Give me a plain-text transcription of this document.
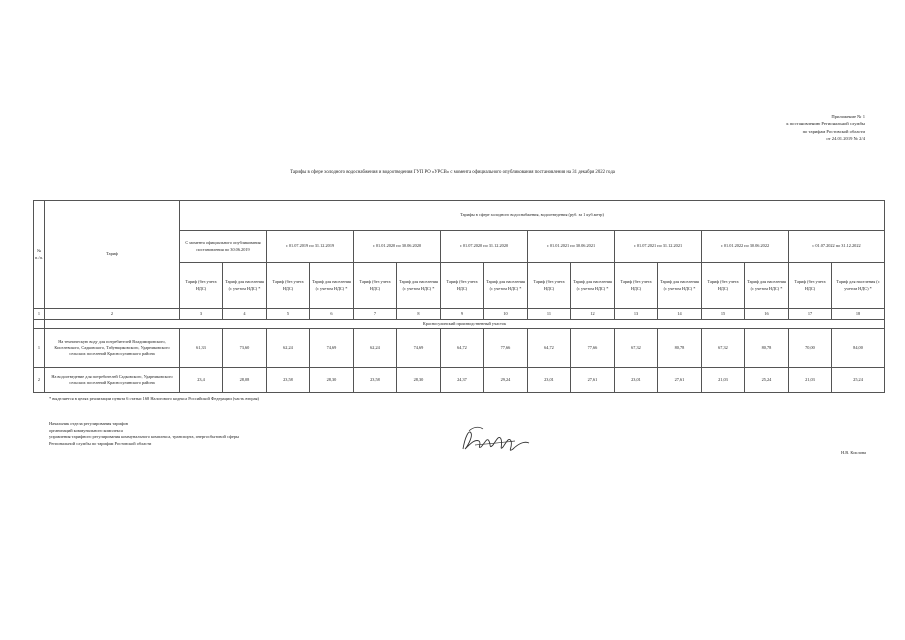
Приложение № 1
к постановлению Региональной службы
по тарифам Ростовской области
от 24.01.2019 № 2/4
Тарифы в сфере холодного водоснабжения и водоотведения ГУП РО «УРСВ» с момента официального опубликования постановления на 31 декабря 2022 года
№ п./п.	Тариф	Тарифы в сфере холодного водоснабжения, водоотведения (руб. за 1 куб.метр)															
		С момента официального опубликования постановления по 30.06.2019		с 01.07.2019 по 31.12.2019		с 01.01.2020 по 30.06.2020		с 01.07.2020 по 31.12.2020		с 01.01.2021 по 30.06.2021		с 01.07.2021 по 31.12.2021		с 01.01.2022 по 30.06.2022		с 01.07.2022 по 31.12.2022	
		Тариф (без учета НДС)	Тариф для населения (с учетом НДС) *	Тариф (без учета НДС)	Тариф для населения (с учетом НДС) *	Тариф (без учета НДС)	Тариф для населения (с учетом НДС) *	Тариф (без учета НДС)	Тариф для населения (с учетом НДС) *	Тариф (без учета НДС)	Тариф для населения (с учетом НДС) *	Тариф (без учета НДС)	Тариф для населения (с учетом НДС) *	Тариф (без учета НДС)	Тариф для населения (с учетом НДС) *	Тариф (без учета НДС)	Тариф для населения (с учетом НДС) *
1	2	3	4	5	6	7	8	9	10	11	12	13	14	15	16	17	18
	Красносулинский производственный участок																
1	На техническую воду для потребителей Владимировского, Киселевского, Садковского, Табунщиковского, Ударниковского сельских поселений Красносулинского района	61,33	73,60	62,24	74,69	62,24	74,69	64,72	77,66	64,72	77,66	67,32	80,78	67,32	80,78	70,00	84,00
2	На водоотведение для потребителей Садковского, Ударниковского сельских поселений Красносулинского района	23,4	28,08	23,58	28,30	23,58	28,30	24,37	29,24	23,01	27,61	23,01	27,61	21,03	25,24	21,03	25,24
* выделяется в целях реализации пункта 6 статьи 168 Налогового кодекса Российской Федерации (часть вторая)
Начальник отдела регулирования тарифов
организаций коммунального комплекса
управления тарифного регулирования коммунального комплекса, транспорта, энергосбытовой сферы
Региональной службы по тарифам Ростовской области
Н.В. Кислова
